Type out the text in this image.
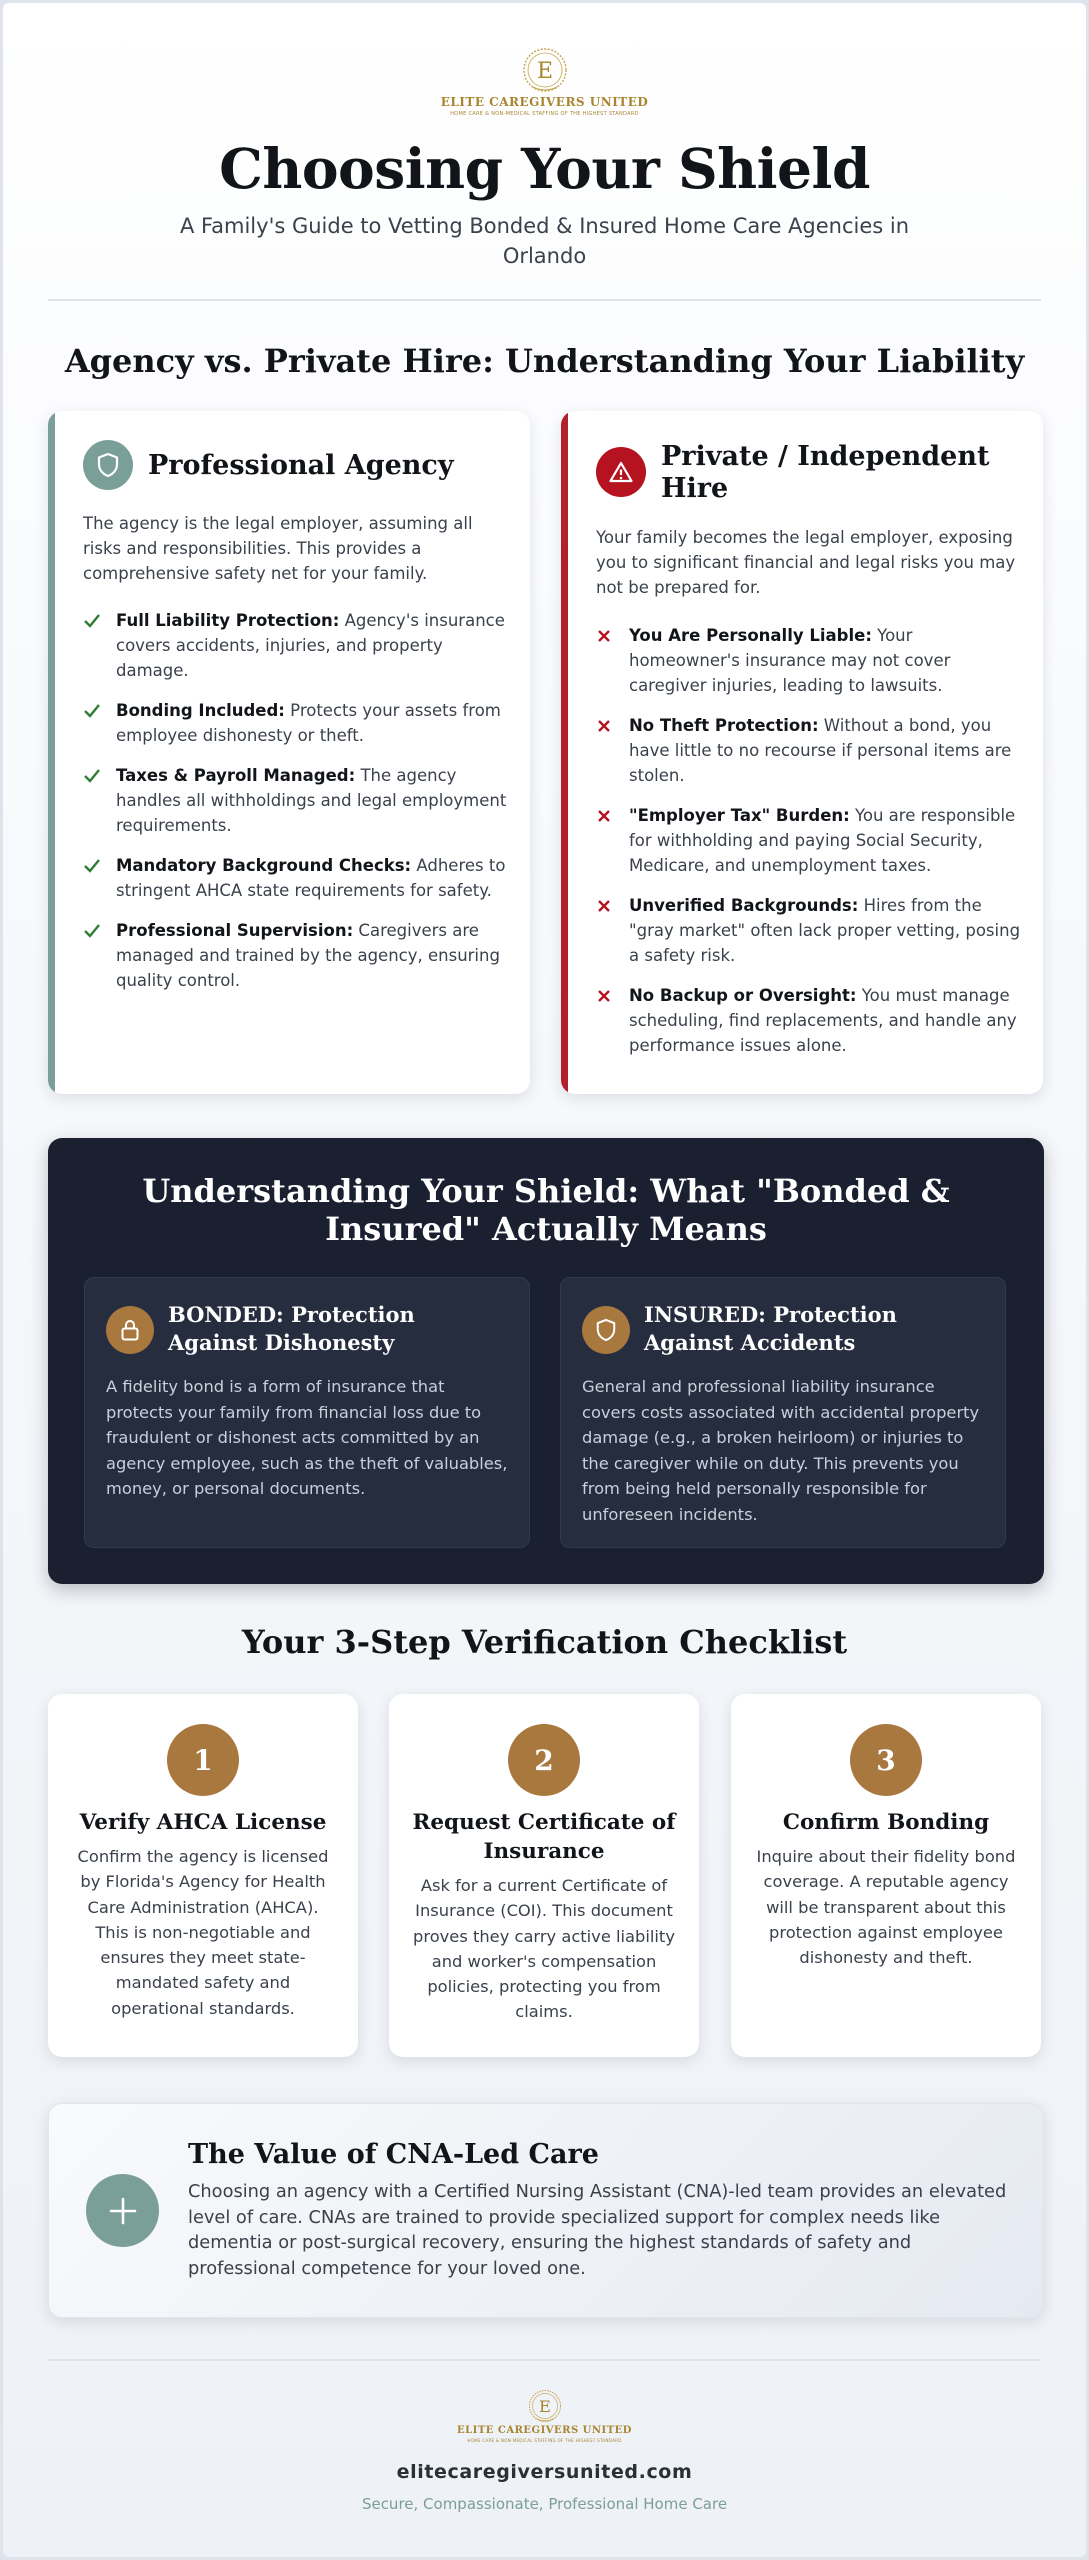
E
ELITE CAREGIVERS UNITED
HOME CARE & NON-MEDICAL STAFFING OF THE HIGHEST STANDARD
Choosing Your Shield
A Family's Guide to Vetting Bonded & Insured Home Care Agencies in Orlando
Agency vs. Private Hire: Understanding Your Liability
Professional Agency
The agency is the legal employer, assuming all risks and responsibilities. This provides a comprehensive safety net for your family.
Full Liability Protection: Agency's insurance covers accidents, injuries, and property damage.
Bonding Included: Protects your assets from employee dishonesty or theft.
Taxes & Payroll Managed: The agency handles all withholdings and legal employment requirements.
Mandatory Background Checks: Adheres to stringent AHCA state requirements for safety.
Professional Supervision: Caregivers are managed and trained by the agency, ensuring quality control.
Private / Independent Hire
Your family becomes the legal employer, exposing you to significant financial and legal risks you may not be prepared for.
You Are Personally Liable: Your homeowner's insurance may not cover caregiver injuries, leading to lawsuits.
No Theft Protection: Without a bond, you have little to no recourse if personal items are stolen.
"Employer Tax" Burden: You are responsible for withholding and paying Social Security, Medicare, and unemployment taxes.
Unverified Backgrounds: Hires from the "gray market" often lack proper vetting, posing a safety risk.
No Backup or Oversight: You must manage scheduling, find replacements, and handle any performance issues alone.
Understanding Your Shield: What "Bonded & Insured" Actually Means
BONDED: Protection Against Dishonesty
A fidelity bond is a form of insurance that protects your family from financial loss due to fraudulent or dishonest acts committed by an agency employee, such as the theft of valuables, money, or personal documents.
INSURED: Protection Against Accidents
General and professional liability insurance covers costs associated with accidental property damage (e.g., a broken heirloom) or injuries to the caregiver while on duty. This prevents you from being held personally responsible for unforeseen incidents.
Your 3-Step Verification Checklist
1
Verify AHCA License
Confirm the agency is licensed by Florida's Agency for Health Care Administration (AHCA). This is non-negotiable and ensures they meet state-mandated safety and operational standards.
2
Request Certificate of Insurance
Ask for a current Certificate of Insurance (COI). This document proves they carry active liability and worker's compensation policies, protecting you from claims.
3
Confirm Bonding
Inquire about their fidelity bond coverage. A reputable agency will be transparent about this protection against employee dishonesty and theft.
The Value of CNA-Led Care
Choosing an agency with a Certified Nursing Assistant (CNA)-led team provides an elevated level of care. CNAs are trained to provide specialized support for complex needs like dementia or post-surgical recovery, ensuring the highest standards of safety and professional competence for your loved one.
E
ELITE CAREGIVERS UNITED
HOME CARE & NON-MEDICAL STAFFING OF THE HIGHEST STANDARD
elitecaregiversunited.com
Secure, Compassionate, Professional Home Care
